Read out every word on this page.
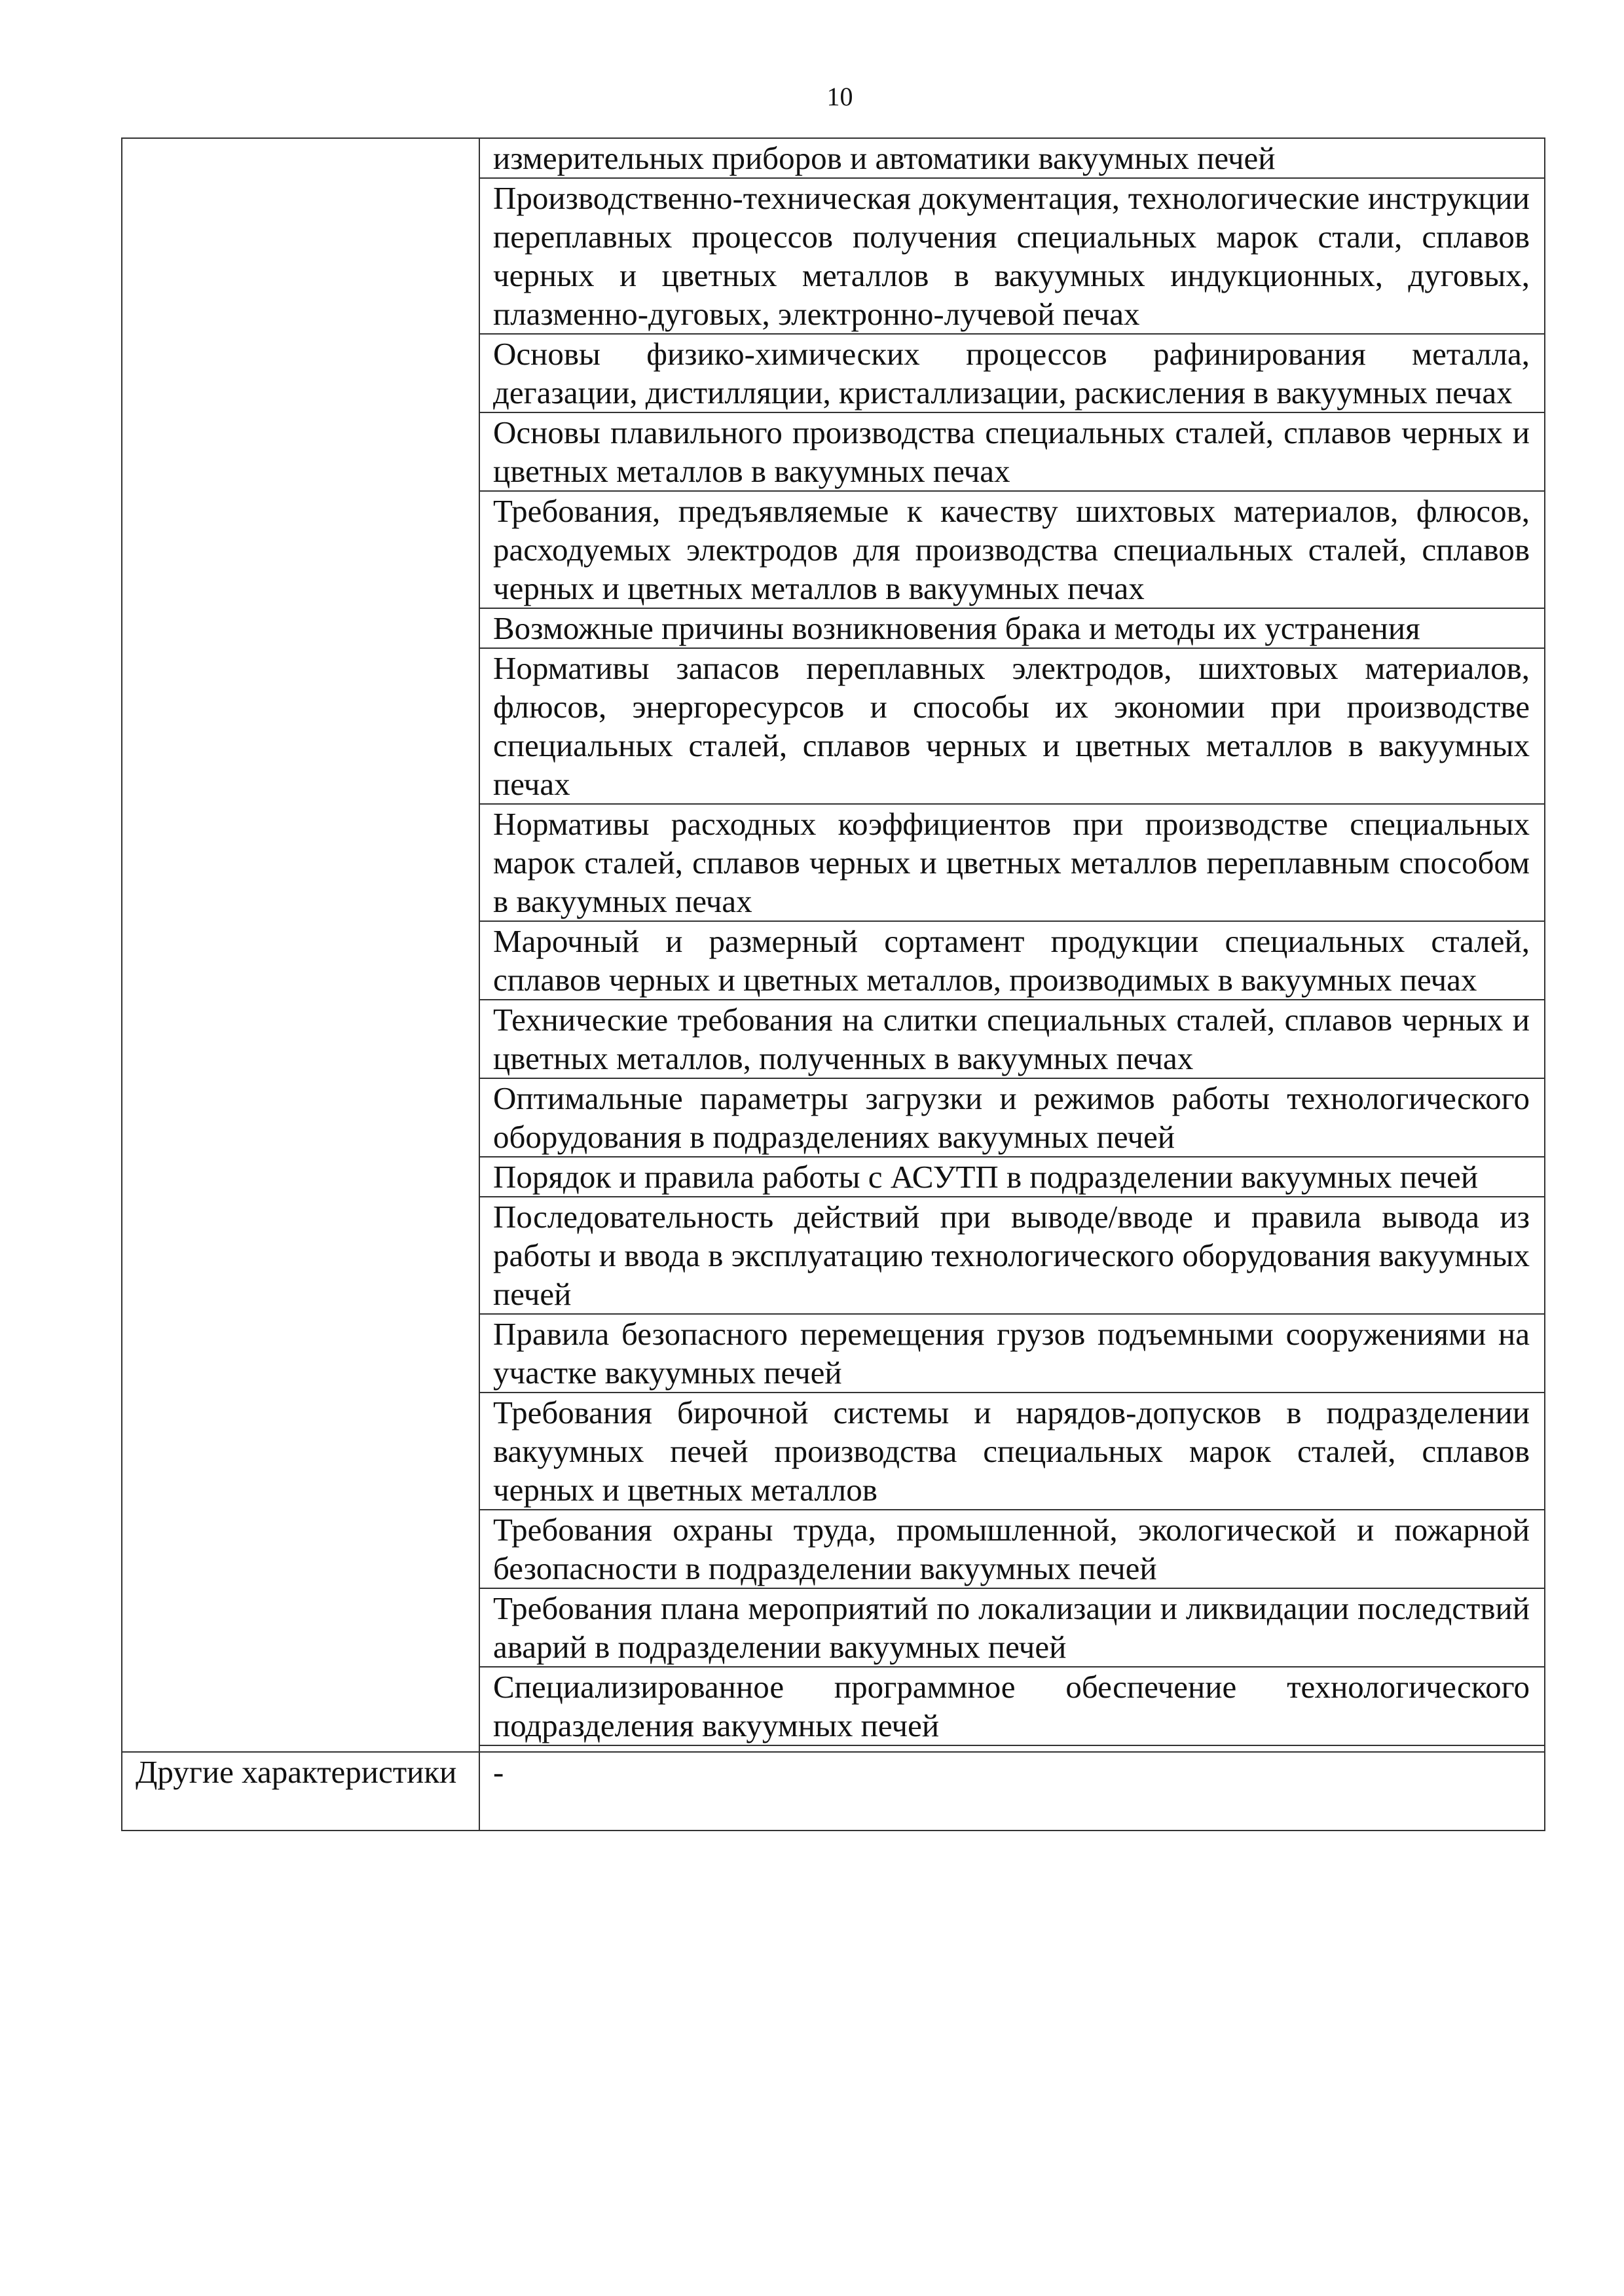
10
	измерительных приборов и автоматики вакуумных печей
	Производственно-техническая документация, технологические инструкции переплавных процессов получения специальных марок стали, сплавов черных и цветных металлов в вакуумных индукционных, дуговых, плазменно-дуговых, электронно-лучевой печах
	Основы физико-химических процессов рафинирования металла, дегазации, дистилляции, кристаллизации, раскисления в вакуумных печах
	Основы плавильного производства специальных сталей, сплавов черных и цветных металлов в вакуумных печах
	Требования, предъявляемые к качеству шихтовых материалов, флюсов, расходуемых электродов для производства специальных сталей, сплавов черных и цветных металлов в вакуумных печах
	Возможные причины возникновения брака и методы их устранения
	Нормативы запасов переплавных электродов, шихтовых материалов, флюсов, энергоресурсов и способы их экономии при производстве специальных сталей, сплавов черных и цветных металлов в вакуумных печах
	Нормативы расходных коэффициентов при производстве специальных марок сталей, сплавов черных и цветных металлов переплавным способом в вакуумных печах
	Марочный и размерный сортамент продукции специальных сталей, сплавов черных и цветных металлов, производимых в вакуумных печах
	Технические требования на слитки специальных сталей, сплавов черных и цветных металлов, полученных в вакуумных печах
	Оптимальные параметры загрузки и режимов работы технологического оборудования в подразделениях вакуумных печей
	Порядок и правила работы с АСУТП в подразделении вакуумных печей
	Последовательность действий при выводе/вводе и правила вывода из работы и ввода в эксплуатацию технологического оборудования вакуумных печей
	Правила безопасного перемещения грузов подъемными сооружениями на участке вакуумных печей
	Требования бирочной системы и нарядов-допусков в подразделении вакуумных печей производства специальных марок сталей, сплавов черных и цветных металлов
	Требования охраны труда, промышленной, экологической и пожарной безопасности в подразделении вакуумных печей
	Требования плана мероприятий по локализации и ликвидации последствий аварий в подразделении вакуумных печей
	Специализированное программное обеспечение технологического подразделения вакуумных печей

Другие характеристики	-
